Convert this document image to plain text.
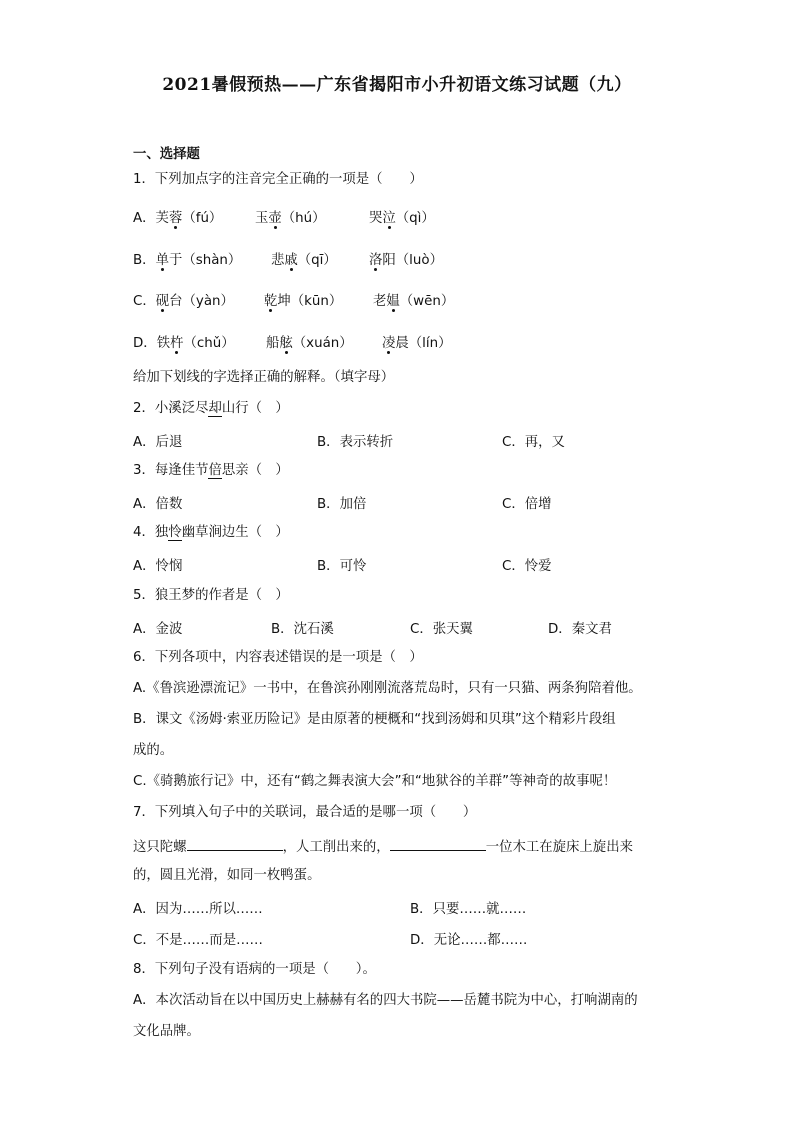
2021暑假预热——广东省揭阳市小升初语文练习试题（九）
一、选择题
1．下列加点字的注音完全正确的一项是（　　）
A．芙蓉（fú） 玉壶（hú）	哭泣（qì）
B．单于（shàn） 悲戚（qī） 洛阳（luò）
C．砚台（yàn） 乾坤（kūn） 老媪（wēn）
D．铁杵（chǔ） 船舷（xuán） 凌晨（lín）
给加下划线的字选择正确的解释。（填字母）
2．小溪泛尽却山行（　）
A．后退	B．表示转折	C．再，又
3．每逢佳节倍思亲（　）
A．倍数	B．加倍	C．倍增
4．独怜幽草涧边生（　）
A．怜悯	B．可怜	C．怜爱
5．狼王梦的作者是（　）
A．金波	B．沈石溪	C．张天翼	D．秦文君
6．下列各项中，内容表述错误的是一项是（　）
A.《鲁滨逊漂流记》一书中，在鲁滨孙刚刚流落荒岛时，只有一只猫、两条狗陪着他。
B．课文《汤姆·索亚历险记》是由原著的梗概和“找到汤姆和贝琪”这个精彩片段组
成的。
C.《骑鹅旅行记》中，还有“鹤之舞表演大会”和“地狱谷的羊群”等神奇的故事呢！
7．下列填入句子中的关联词，最合适的是哪一项（　　）
这只陀螺	，人工削出来的，	一位木工在旋床上旋出来
的，圆且光滑，如同一枚鸭蛋。
A．因为……所以……	B．只要……就……
C．不是……而是……	D．无论……都……
8．下列句子没有语病的一项是（　　）。
A．本次活动旨在以中国历史上赫赫有名的四大书院——岳麓书院为中心，打响湖南的
文化品牌。
